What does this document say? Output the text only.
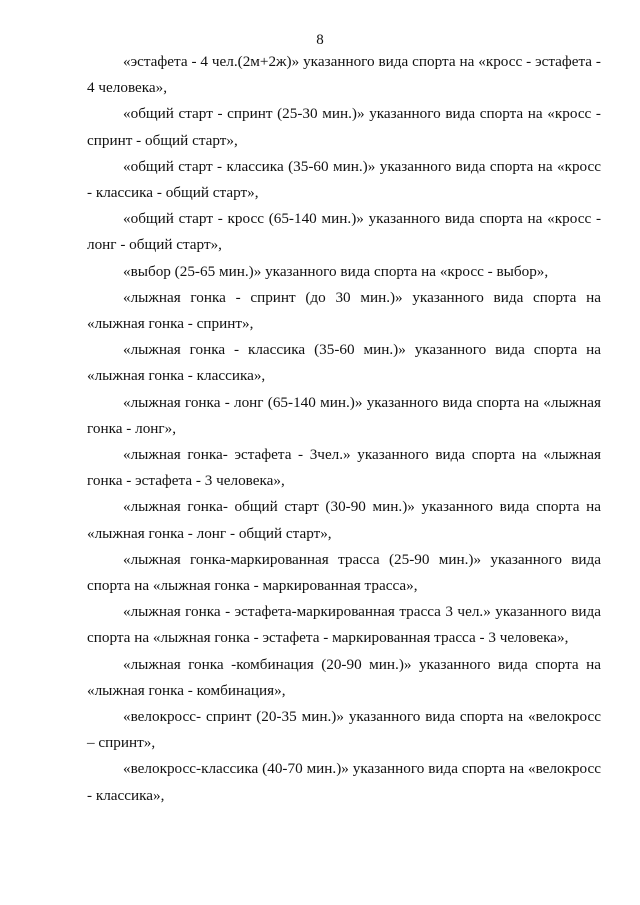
8

«эстафета - 4 чел.(2м+2ж)» указанного вида спорта на «кросс - эстафета - 4 человека»,

«общий старт - спринт (25-30 мин.)» указанного вида спорта на «кросс - спринт - общий старт»,

«общий старт - классика (35-60 мин.)» указанного вида спорта на «кросс - классика - общий старт»,

«общий старт - кросс (65-140 мин.)» указанного вида спорта на «кросс - лонг - общий старт»,

«выбор (25-65 мин.)» указанного вида спорта на «кросс - выбор»,

«лыжная гонка - спринт (до 30 мин.)» указанного вида спорта на «лыжная гонка - спринт»,

«лыжная гонка - классика (35-60 мин.)» указанного вида спорта на «лыжная гонка - классика»,

«лыжная гонка - лонг (65-140 мин.)» указанного вида спорта на «лыжная гонка - лонг»,

«лыжная гонка- эстафета - 3чел.» указанного вида спорта на «лыжная гонка - эстафета - 3 человека»,

«лыжная гонка- общий старт (30-90 мин.)» указанного вида спорта на «лыжная гонка - лонг - общий старт»,

«лыжная гонка-маркированная трасса (25-90 мин.)» указанного вида спорта на «лыжная гонка - маркированная трасса»,

«лыжная гонка - эстафета-маркированная трасса 3 чел.» указанного вида спорта на «лыжная гонка - эстафета - маркированная трасса - 3 человека»,

«лыжная гонка -комбинация (20-90 мин.)» указанного вида спорта на «лыжная гонка - комбинация»,

«велокросс- спринт (20-35 мин.)» указанного вида спорта на «велокросс – спринт»,

«велокросс-классика (40-70 мин.)» указанного вида спорта на «велокросс - классика»,
